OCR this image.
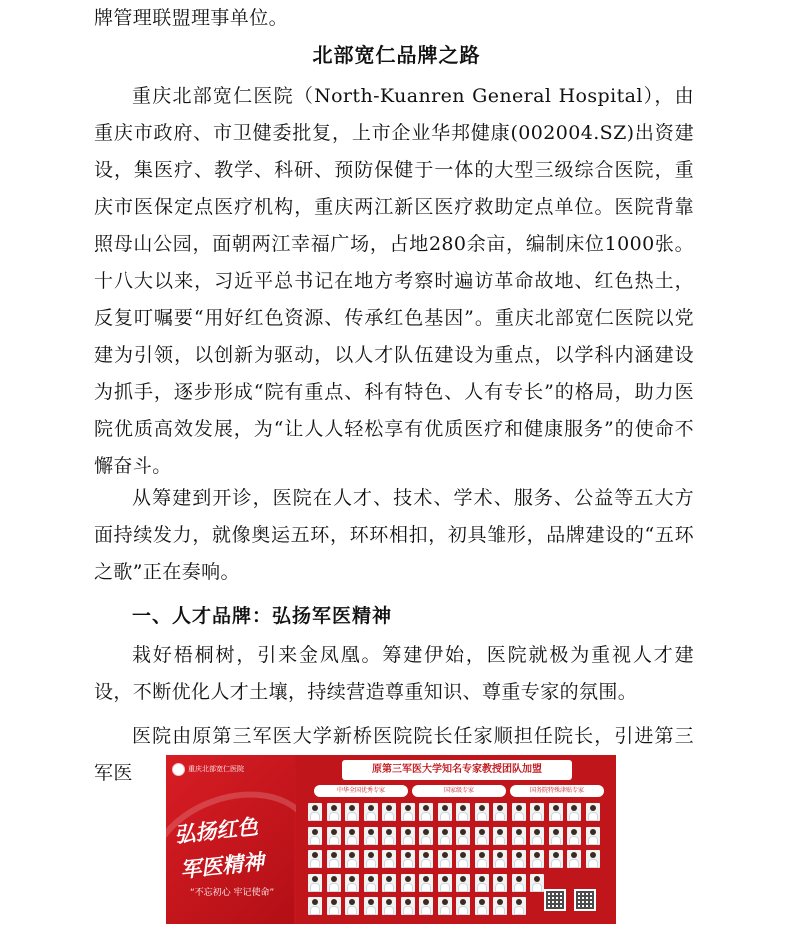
牌管理联盟理事单位。

北部宽仁品牌之路

重庆北部宽仁医院（North-Kuanren General Hospital），由重庆市政府、市卫健委批复，上市企业华邦健康(002004.SZ)出资建设，集医疗、教学、科研、预防保健于一体的大型三级综合医院，重庆市医保定点医疗机构，重庆两江新区医疗救助定点单位。医院背靠照母山公园，面朝两江幸福广场，占地280余亩，编制床位1000张。十八大以来，习近平总书记在地方考察时遍访革命故地、红色热土，反复叮嘱要“用好红色资源、传承红色基因”。重庆北部宽仁医院以党建为引领，以创新为驱动，以人才队伍建设为重点，以学科内涵建设为抓手，逐步形成“院有重点、科有特色、人有专长”的格局，助力医院优质高效发展，为“让人人轻松享有优质医疗和健康服务”的使命不懈奋斗。

从筹建到开诊，医院在人才、技术、学术、服务、公益等五大方面持续发力，就像奥运五环，环环相扣，初具雏形，品牌建设的“五环之歌”正在奏响。

一、人才品牌：弘扬军医精神

栽好梧桐树，引来金凤凰。筹建伊始，医院就极为重视人才建设，不断优化人才土壤，持续营造尊重知识、尊重专家的氛围。

医院由原第三军医大学新桥医院院长任家顺担任院长，引进第三军医	重庆北部宽仁医院
弘扬红色
军医精神
“不忘初心 牢记使命”
原第三军医大学知名专家教授团队加盟
中华全国优秀专家	国家级专家	国务院特殊津贴专家
